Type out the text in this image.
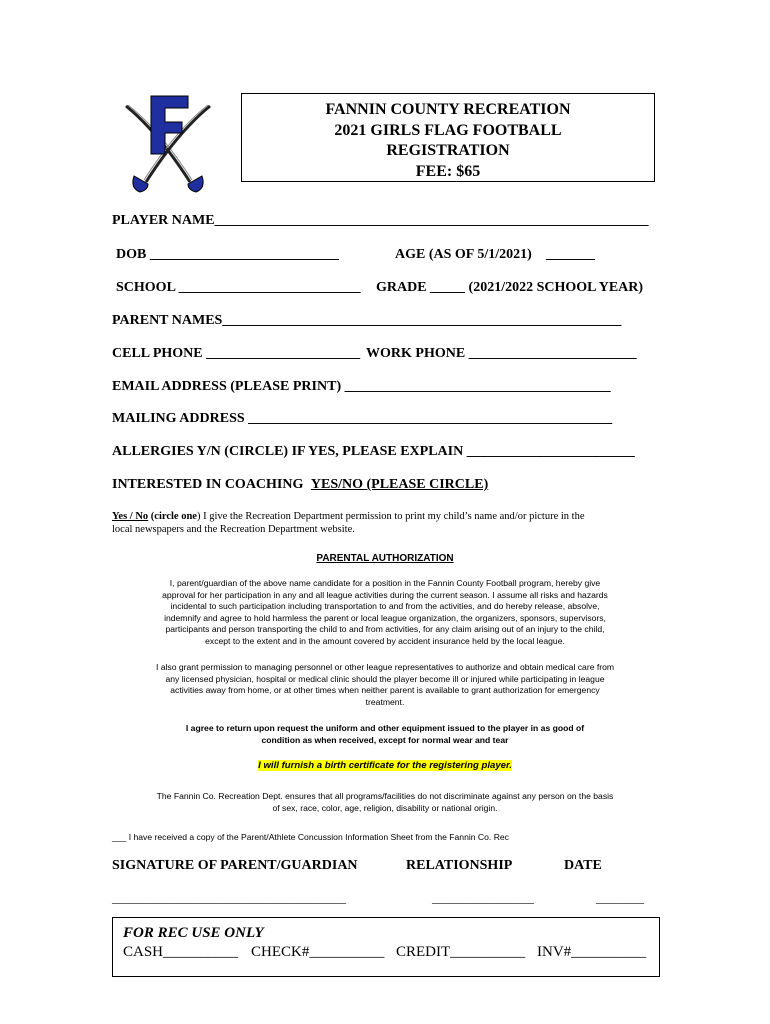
FANNIN COUNTY RECREATION
2021 GIRLS FLAG FOOTBALL
REGISTRATION
FEE: $65
PLAYER NAME______________________________________________________________
DOB ___________________________	AGE (AS OF 5/1/2021) _______
SCHOOL __________________________ GRADE _____ (2021/2022 SCHOOL YEAR)
PARENT NAMES_________________________________________________________
CELL PHONE ______________________ WORK PHONE ________________________
EMAIL ADDRESS (PLEASE PRINT) ______________________________________
MAILING ADDRESS ____________________________________________________
ALLERGIES Y/N (CIRCLE) IF YES, PLEASE EXPLAIN ________________________
INTERESTED IN COACHING YES/NO (PLEASE CIRCLE)
Yes / No (circle one) I give the Recreation Department permission to print my child’s name and/or picture in the
local newspapers and the Recreation Department website.
PARENTAL AUTHORIZATION
I, parent/guardian of the above name candidate for a position in the Fannin County Football program, hereby give
approval for her participation in any and all league activities during the current season. I assume all risks and hazards
incidental to such participation including transportation to and from the activities, and do hereby release, absolve,
indemnify and agree to hold harmless the parent or local league organization, the organizers, sponsors, supervisors,
participants and person transporting the child to and from activities, for any claim arising out of an injury to the child,
except to the extent and in the amount covered by accident insurance held by the local league.
I also grant permission to managing personnel or other league representatives to authorize and obtain medical care from
any licensed physician, hospital or medical clinic should the player become ill or injured while participating in league
activities away from home, or at other times when neither parent is available to grant authorization for emergency
treatment.
I agree to return upon request the uniform and other equipment issued to the player in as good of
condition as when received, except for normal wear and tear
I will furnish a birth certificate for the registering player.
The Fannin Co. Recreation Dept. ensures that all programs/facilities do not discriminate against any person on the basis
of sex, race, color, age, religion, disability or national origin.
___ I have received a copy of the Parent/Athlete Concussion Information Sheet from the Fannin Co. Rec
SIGNATURE OF PARENT/GUARDIAN	RELATIONSHIP	DATE
_______________________________________	_________________	________
FOR REC USE ONLY
CASH__________ CHECK#__________ CREDIT__________ INV#__________
